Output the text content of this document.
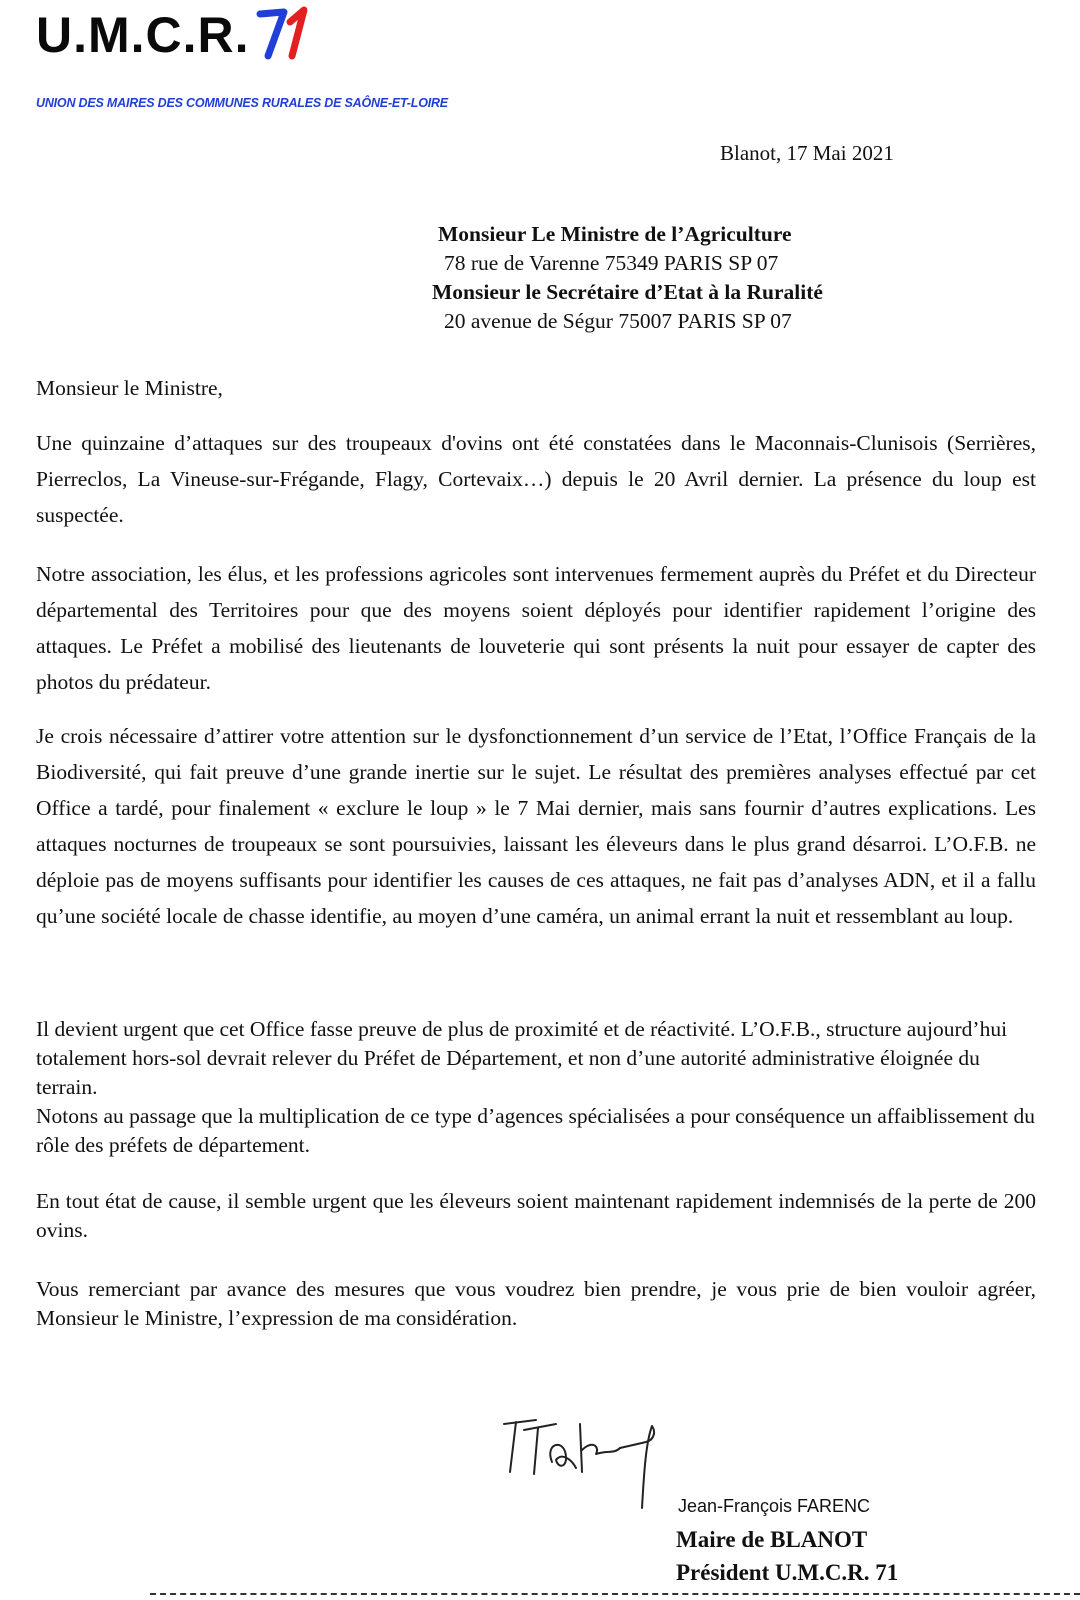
U.M.C.R.
UNION DES MAIRES DES COMMUNES RURALES DE SAÔNE-ET-LOIRE
Blanot, 17 Mai 2021
Monsieur Le Ministre de l’Agriculture
78 rue de Varenne 75349 PARIS SP 07
Monsieur le Secrétaire d’Etat à la Ruralité
20 avenue de Ségur 75007 PARIS SP 07
Monsieur le Ministre,
Une quinzaine d’attaques sur des troupeaux d'ovins ont été constatées dans le Maconnais-Clunisois (Serrières, Pierreclos, La Vineuse-sur-Frégande, Flagy, Cortevaix…) depuis le 20 Avril dernier. La présence du loup est suspectée.
Notre association, les élus, et les professions agricoles sont intervenues fermement auprès du Préfet et du Directeur départemental des Territoires pour que des moyens soient déployés pour identifier rapidement l’origine des attaques. Le Préfet a mobilisé des lieutenants de louveterie qui sont présents la nuit pour essayer de capter des photos du prédateur.
Je crois nécessaire d’attirer votre attention sur le dysfonctionnement d’un service de l’Etat, l’Office Français de la Biodiversité, qui fait preuve d’une grande inertie sur le sujet. Le résultat des premières analyses effectué par cet Office a tardé, pour finalement « exclure le loup » le 7 Mai dernier, mais sans fournir d’autres explications. Les attaques nocturnes de troupeaux se sont poursuivies, laissant les éleveurs dans le plus grand désarroi. L’O.F.B. ne déploie pas de moyens suffisants pour identifier les causes de ces attaques, ne fait pas d’analyses ADN, et il a fallu qu’une société locale de chasse identifie, au moyen d’une caméra, un animal errant la nuit et ressemblant au loup.
Il devient urgent que cet Office fasse preuve de plus de proximité et de réactivité. L’O.F.B., structure aujourd’hui totalement hors-sol devrait relever du Préfet de Département, et non d’une autorité administrative éloignée du terrain.
Notons au passage que la multiplication de ce type d’agences spécialisées a pour conséquence un affaiblissement du rôle des préfets de département.
En tout état de cause, il semble urgent que les éleveurs soient maintenant rapidement indemnisés de la perte de 200 ovins.
Vous remerciant par avance des mesures que vous voudrez bien prendre, je vous prie de bien vouloir agréer, Monsieur le Ministre, l’expression de ma considération.
Jean-François FARENC
Maire de BLANOT
Président U.M.C.R. 71
